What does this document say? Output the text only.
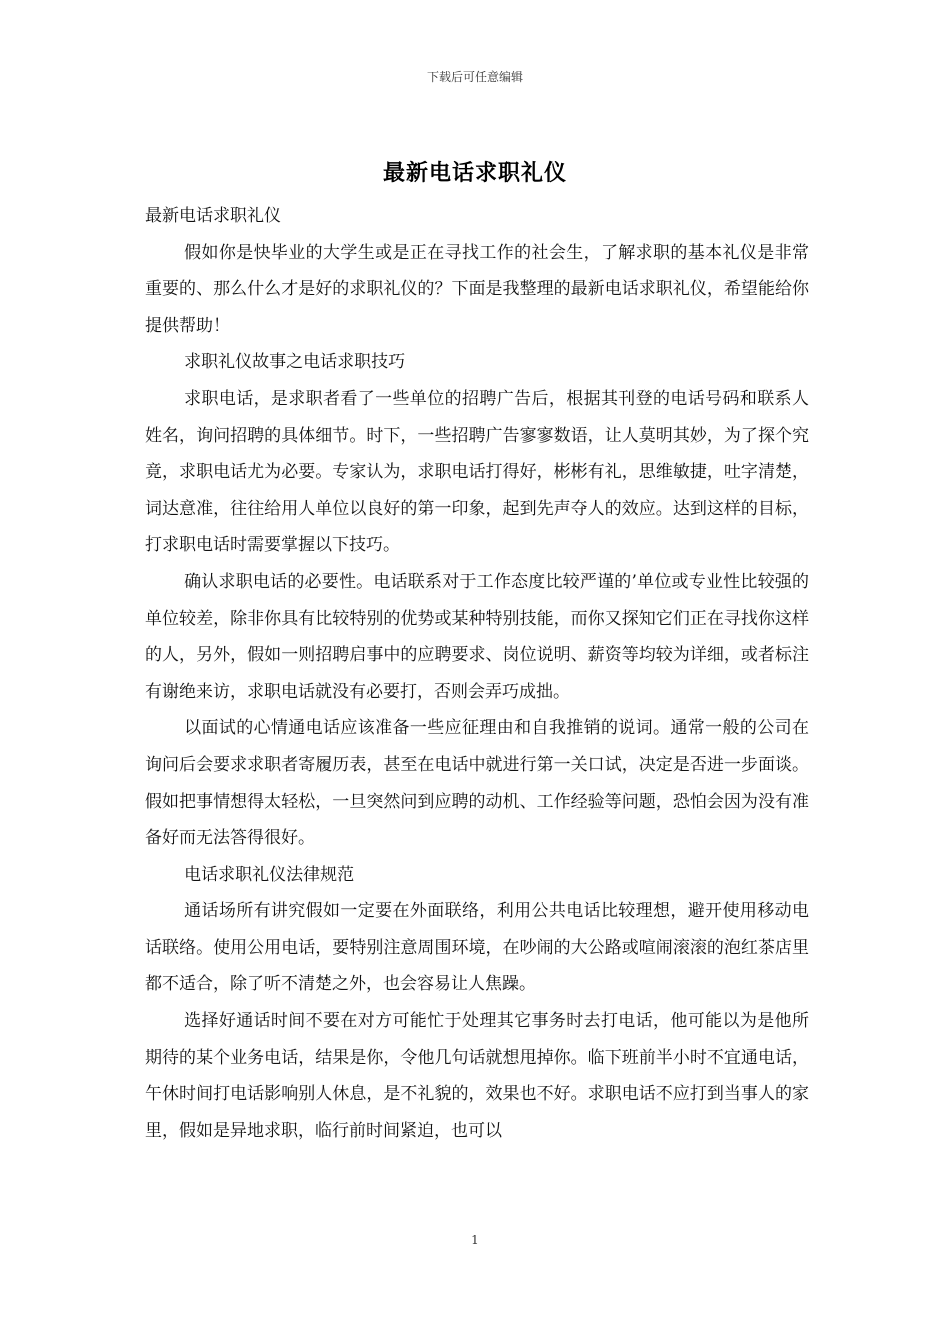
下载后可任意编辑
最新电话求职礼仪

最新电话求职礼仪

假如你是快毕业的大学生或是正在寻找工作的社会生，了解求职的基本礼仪是非常重要的、那么什么才是好的求职礼仪的？下面是我整理的最新电话求职礼仪，希望能给你提供帮助！

求职礼仪故事之电话求职技巧

求职电话，是求职者看了一些单位的招聘广告后，根据其刊登的电话号码和联系人姓名，询问招聘的具体细节。时下，一些招聘广告寥寥数语，让人莫明其妙，为了探个究竟，求职电话尤为必要。专家认为，求职电话打得好，彬彬有礼，思维敏捷，吐字清楚，词达意准，往往给用人单位以良好的第一印象，起到先声夺人的效应。达到这样的目标，打求职电话时需要掌握以下技巧。

确认求职电话的必要性。电话联系对于工作态度比较严谨的’单位或专业性比较强的单位较差，除非你具有比较特别的优势或某种特别技能，而你又探知它们正在寻找你这样的人，另外，假如一则招聘启事中的应聘要求、岗位说明、薪资等均较为详细，或者标注有谢绝来访，求职电话就没有必要打，否则会弄巧成拙。

以面试的心情通电话应该准备一些应征理由和自我推销的说词。通常一般的公司在询问后会要求求职者寄履历表，甚至在电话中就进行第一关口试，决定是否进一步面谈。假如把事情想得太轻松，一旦突然问到应聘的动机、工作经验等问题，恐怕会因为没有准备好而无法答得很好。

电话求职礼仪法律规范

通话场所有讲究假如一定要在外面联络，利用公共电话比较理想，避开使用移动电话联络。使用公用电话，要特别注意周围环境，在吵闹的大公路或喧闹滚滚的泡红茶店里都不适合，除了听不清楚之外，也会容易让人焦躁。

选择好通话时间不要在对方可能忙于处理其它事务时去打电话，他可能以为是他所期待的某个业务电话，结果是你，令他几句话就想甩掉你。临下班前半小时不宜通电话，午休时间打电话影响别人休息，是不礼貌的，效果也不好。求职电话不应打到当事人的家里，假如是异地求职，临行前时间紧迫，也可以

1
